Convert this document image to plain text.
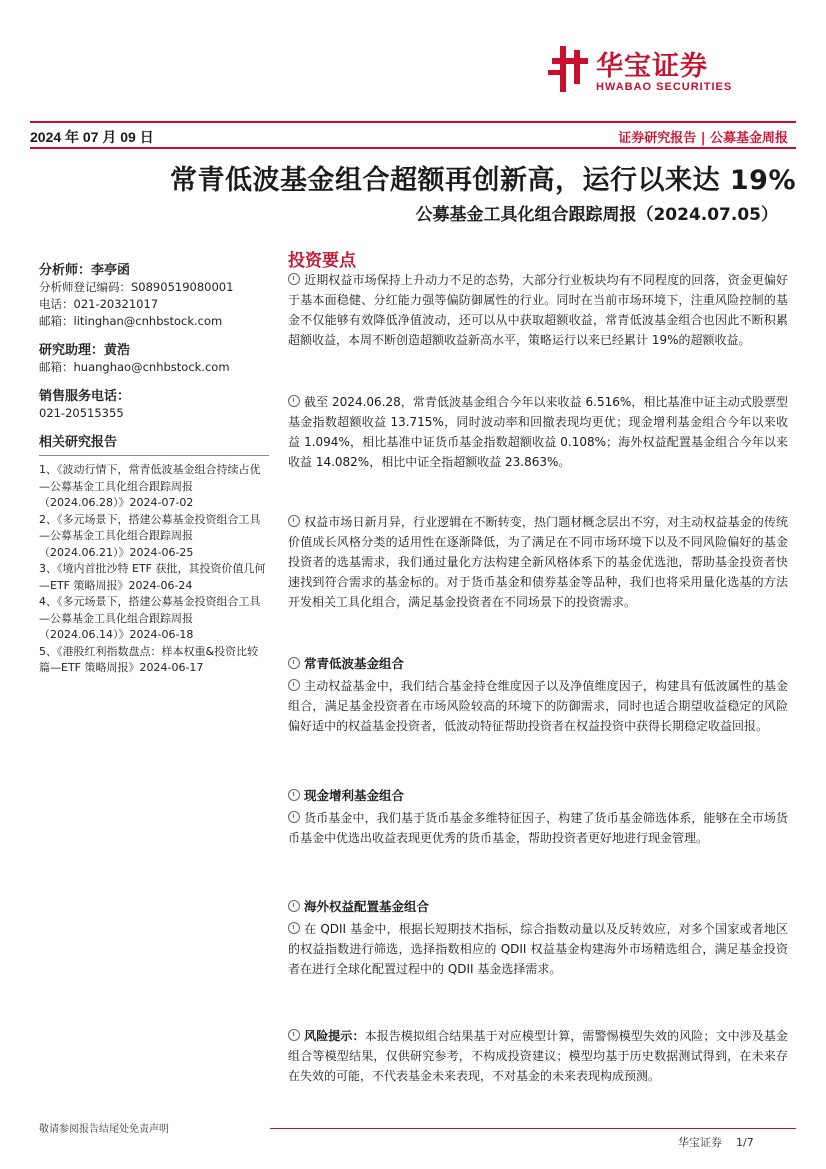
华宝证券
HWABAO SECURITIES
2024 年 07 月 09 日	证券研究报告 | 公募基金周报
常青低波基金组合超额再创新高，运行以来达 19%
公募基金工具化组合跟踪周报（2024.07.05）
分析师：李亭函
分析师登记编码：S0890519080001
电话：021-20321017
邮箱：litinghan@cnhbstock.com
研究助理：黄浩
邮箱：huanghao@cnhbstock.com
销售服务电话：
021-20515355
相关研究报告
1、《波动行情下，常青低波基金组合持续占优—公募基金工具化组合跟踪周报（2024.06.28）》2024-07-02
2、《多元场景下，搭建公募基金投资组合工具—公募基金工具化组合跟踪周报（2024.06.21）》2024-06-25
3、《境内首批沙特 ETF 获批，其投资价值几何—ETF 策略周报》2024-06-24
4、《多元场景下，搭建公募基金投资组合工具—公募基金工具化组合跟踪周报（2024.06.14）》2024-06-18
5、《港股红利指数盘点：样本权重&投资比较篇—ETF 策略周报》2024-06-17
投资要点
近期权益市场保持上升动力不足的态势，大部分行业板块均有不同程度的回落，资金更偏好于基本面稳健、分红能力强等偏防御属性的行业。同时在当前市场环境下，注重风险控制的基金不仅能够有效降低净值波动，还可以从中获取超额收益，常青低波基金组合也因此不断积累超额收益，本周不断创造超额收益新高水平，策略运行以来已经累计 19%的超额收益。
截至 2024.06.28，常青低波基金组合今年以来收益 6.516%，相比基准中证主动式股票型基金指数超额收益 13.715%，同时波动率和回撤表现均更优；现金增利基金组合今年以来收益 1.094%，相比基准中证货币基金指数超额收益 0.108%；海外权益配置基金组合今年以来收益 14.082%，相比中证全指超额收益 23.863%。
权益市场日新月异，行业逻辑在不断转变，热门题材概念层出不穷，对主动权益基金的传统价值成长风格分类的适用性在逐渐降低，为了满足在不同市场环境下以及不同风险偏好的基金投资者的选基需求，我们通过量化方法构建全新风格体系下的基金优选池，帮助基金投资者快速找到符合需求的基金标的。对于货币基金和债券基金等品种，我们也将采用量化选基的方法开发相关工具化组合，满足基金投资者在不同场景下的投资需求。
常青低波基金组合
主动权益基金中，我们结合基金持仓维度因子以及净值维度因子，构建具有低波属性的基金组合，满足基金投资者在市场风险较高的环境下的防御需求，同时也适合期望收益稳定的风险偏好适中的权益基金投资者，低波动特征帮助投资者在权益投资中获得长期稳定收益回报。
现金增利基金组合
货币基金中，我们基于货币基金多维特征因子，构建了货币基金筛选体系，能够在全市场货币基金中优选出收益表现更优秀的货币基金，帮助投资者更好地进行现金管理。
海外权益配置基金组合
在 QDII 基金中，根据长短期技术指标，综合指数动量以及反转效应，对多个国家或者地区的权益指数进行筛选，选择指数相应的 QDII 权益基金构建海外市场精选组合，满足基金投资者在进行全球化配置过程中的 QDII 基金选择需求。
风险提示：本报告模拟组合结果基于对应模型计算，需警惕模型失效的风险；文中涉及基金组合等模型结果，仅供研究参考，不构成投资建议；模型均基于历史数据测试得到，在未来存在失效的可能，不代表基金未来表现，不对基金的未来表现构成预测。
敬请参阅报告结尾处免责声明
华宝证券 1/7
